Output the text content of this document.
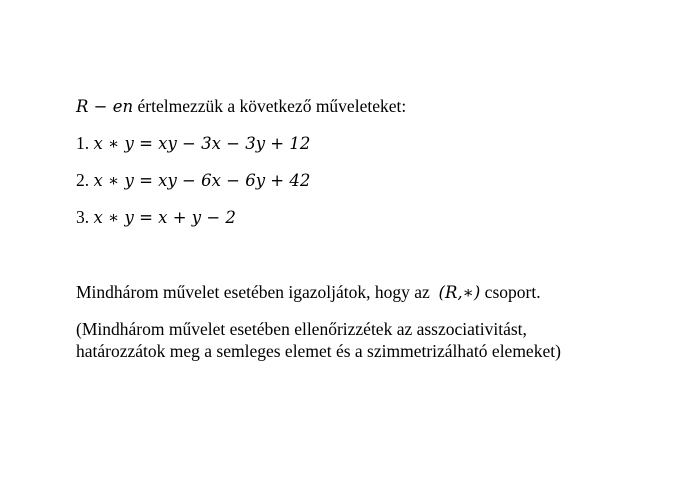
R − en értelmezzük a következő műveleteket:
1. x ∗ y = xy − 3x − 3y + 12
2. x ∗ y = xy − 6x − 6y + 42
3. x ∗ y = x + y − 2
Mindhárom művelet esetében igazoljátok, hogy az (R,∗) csoport.
(Mindhárom művelet esetében ellenőrizzétek az asszociativitást,
határozzátok meg a semleges elemet és a szimmetrizálható elemeket)
